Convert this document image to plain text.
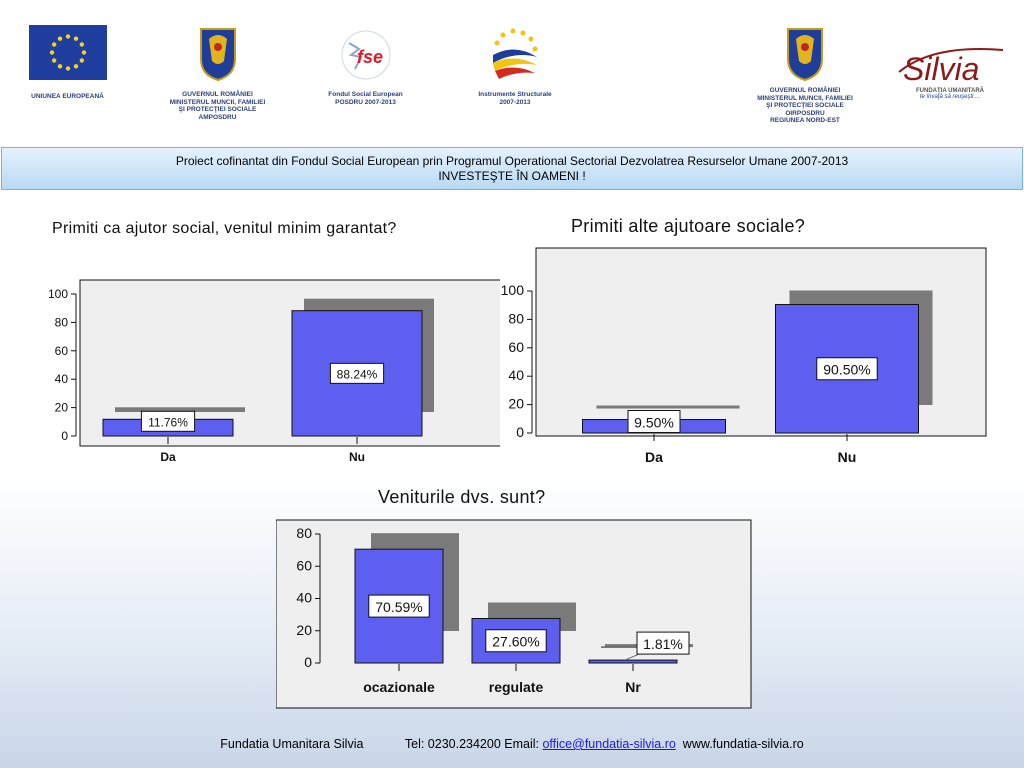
UNIUNEA EUROPEANĂ	GUVERNUL ROMÂNIEI
MINISTERUL MUNCII, FAMILIEI
ŞI PROTECŢIEI SOCIALE
AMPOSDRU
fse
Fondul Social European
POSDRU 2007-2013
Instrumente Structurale
2007-2013
GUVERNUL ROMÂNIEI
MINISTERUL MUNCII, FAMILIEI
ŞI PROTECŢIEI SOCIALE
OIRPOSDRU
REGIUNEA NORD-EST
Silvia
FUNDAŢIA UMANITARĂ
te învaţă să reuşeşti ...
Proiect cofinantat din Fondul Social European prin Programul Operational Sectorial Dezvolatrea Resurselor Umane 2007-2013
INVESTEŞTE ÎN OAMENI !
Primiti ca ajutor social, venitul minim garantat?
0
20
40
60
80
100
Da
11.76%
Nu
88.24%
Primiti alte ajutoare sociale?
0
20
40
60
80
100
Da
9.50%
Nu
90.50%
Veniturile dvs. sunt?
0
20
40
60
80
ocazionale
70.59%
regulate
27.60%
Nr
1.81%
Fundatia Umanitara Silvia	Tel: 0230.234200 Email: office@fundatia-silvia.ro www.fundatia-silvia.ro
